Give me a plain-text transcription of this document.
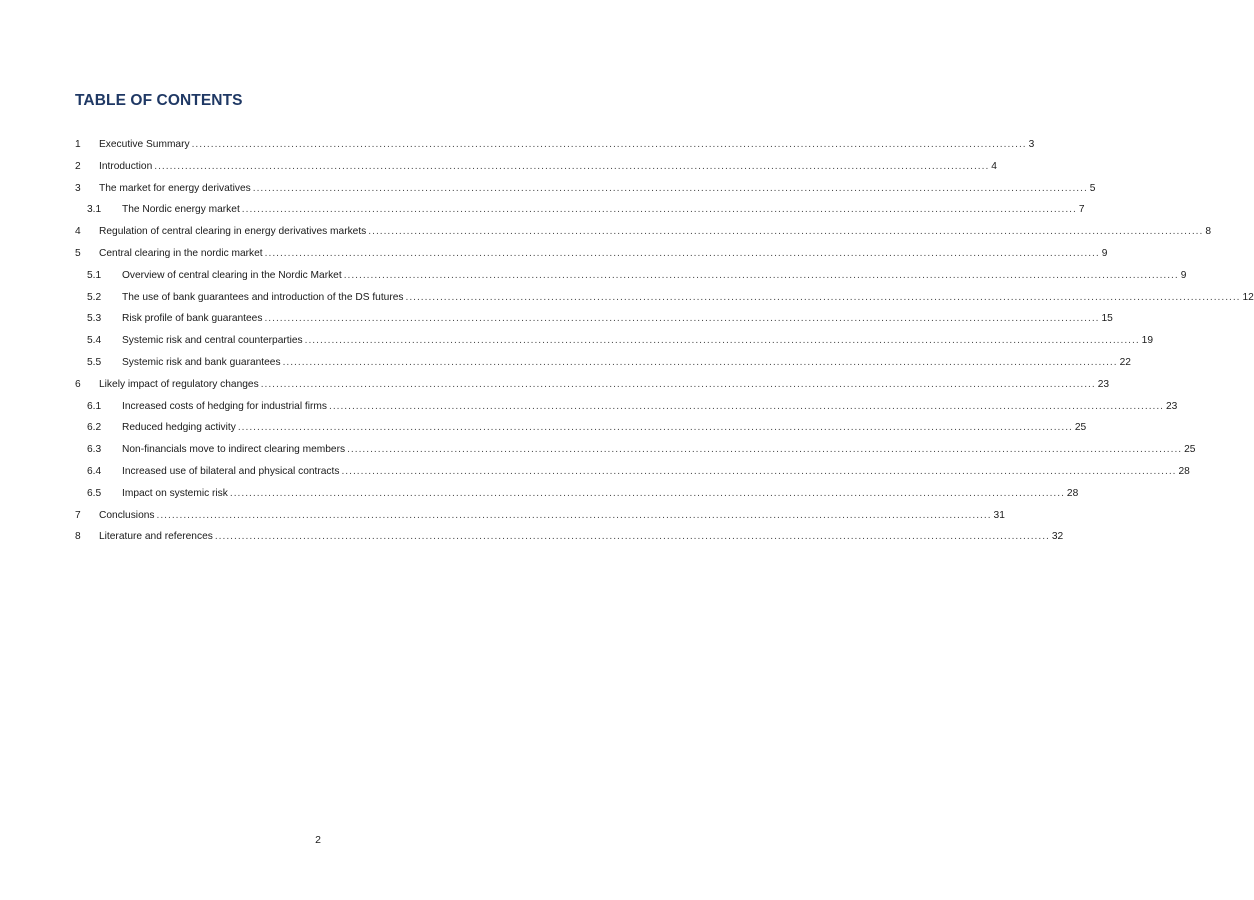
TABLE OF CONTENTS
1	Executive Summary .....	3
2	Introduction .....	4
3	The market for energy derivatives .....	5
3.1	The Nordic energy market .....	7
4	Regulation of central clearing in energy derivatives markets .....	8
5	Central clearing in the nordic market .....	9
5.1	Overview of central clearing in the Nordic Market .....	9
5.2	The use of bank guarantees and introduction of the DS futures .....	12
5.3	Risk profile of bank guarantees .....	15
5.4	Systemic risk and central counterparties .....	19
5.5	Systemic risk and bank guarantees .....	22
6	Likely impact of regulatory changes .....	23
6.1	Increased costs of hedging for industrial firms .....	23
6.2	Reduced hedging activity .....	25
6.3	Non-financials move to indirect clearing members .....	25
6.4	Increased use of bilateral and physical contracts .....	28
6.5	Impact on systemic risk .....	28
7	Conclusions .....	31
8	Literature and references .....	32
2
